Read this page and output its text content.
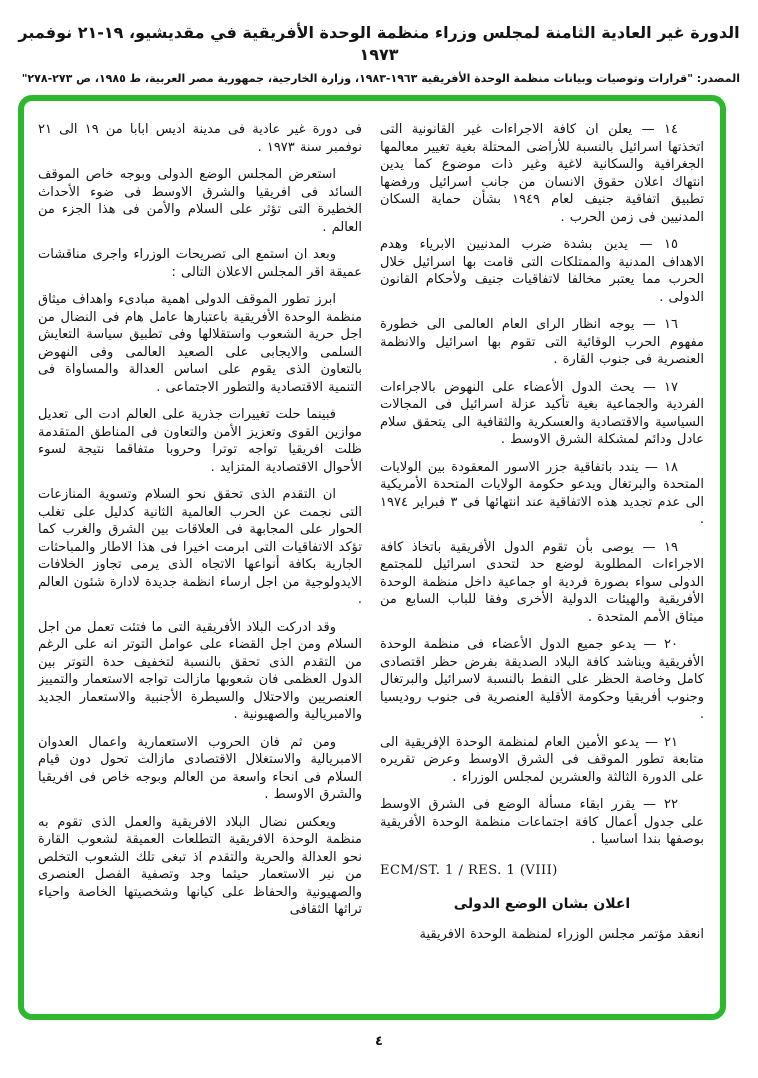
الدورة غير العادية الثامنة لمجلس وزراء منظمة الوحدة الأفريقية في مقديشيو، ١٩-٢١ نوفمبر ١٩٧٣

المصدر: "قرارات وتوصيات وبيانات منظمة الوحدة الأفريقية ١٩٦٣-١٩٨٣، وزارة الخارجية، جمهورية مصر العربية، ط ١٩٨٥، ص ٢٧٣-٢٧٨"

١٤ — يعلن ان كافة الاجراءات غير القانونية التى اتخذتها اسرائيل بالنسبة للأراضى المحتلة بغية تغيير معالمها الجغرافية والسكانية لاغية وغير ذات موضوع كما يدين انتهاك اعلان حقوق الانسان من جانب اسرائيل ورفضها تطبيق اتفاقية جنيف لعام ١٩٤٩ بشأن حماية السكان المدنيين فى زمن الحرب .

١٥ — يدين بشدة ضرب المدنيين الابرياء وهدم الاهداف المدنية والممتلكات التى قامت بها اسرائيل خلال الحرب مما يعتبر مخالفا لاتفاقيات جنيف ولأحكام القانون الدولى .

١٦ — يوجه انظار الراى العام العالمى الى خطورة مفهوم الحرب الوقائية التى تقوم بها اسرائيل والانظمة العنصرية فى جنوب القارة .

١٧ — يحث الدول الأعضاء على النهوض بالاجراءات الفردية والجماعية بغية تأكيد عزلة اسرائيل فى المجالات السياسية والاقتصادية والعسكرية والثقافية الى يتحقق سلام عادل ودائم لمشكلة الشرق الاوسط .

١٨ — يندد باتفاقية جزر الاسور المعقودة بين الولايات المتحدة والبرتغال ويدعو حكومة الولايات المتحدة الأمريكية الى عدم تجديد هذه الاتفاقية عند انتهائها فى ٣ فبراير ١٩٧٤ .

١٩ — يوصى بأن تقوم الدول الأفريقية باتخاذ كافة الاجراءات المطلوبة لوضع حد لتحدى اسرائيل للمجتمع الدولى سواء بصورة فردية او جماعية داخل منظمة الوحدة الأفريقية والهيئات الدولية الأخرى وفقا للباب السابع من ميثاق الأمم المتحدة .

٢٠ — يدعو جميع الدول الأعضاء فى منظمة الوحدة الأفريقية ويناشد كافة البلاد الصديقة بفرض حظر اقتصادى كامل وخاصة الحظر على النفط بالنسبة لاسرائيل والبرتغال وجنوب أفريقيا وحكومة الأقلية العنصرية فى جنوب روديسيا .

٢١ — يدعو الأمين العام لمنظمة الوحدة الإفريقية الى متابعة تطور الموقف فى الشرق الاوسط وعرض تقريره على الدورة الثالثة والعشرين لمجلس الوزراء .

٢٢ — يقرر ابقاء مسألة الوضع فى الشرق الاوسط على جدول أعمال كافة اجتماعات منظمة الوحدة الأفريقية بوصفها بندا اساسيا .

ECM/ST. 1 / RES. 1 (VIII)

اعلان بشان الوضع الدولى

انعقد مؤتمر مجلس الوزراء لمنظمة الوحدة الافريقية

فى دورة غير عادية فى مدينة اديس ابابا من ١٩ الى ٢١ نوفمبر سنة ١٩٧٣ .

استعرض المجلس الوضع الدولى وبوجه خاص الموقف السائد فى افريقيا والشرق الاوسط فى ضوء الأحداث الخطيرة التى تؤثر على السلام والأمن فى هذا الجزء من العالم .

وبعد ان استمع الى تصريحات الوزراء واجرى مناقشات عميقة اقر المجلس الاعلان التالى :

ابرز تطور الموقف الدولى اهمية مبادىء واهداف ميثاق منظمة الوحدة الأفريقية باعتبارها عامل هام فى النضال من اجل حرية الشعوب واستقلالها وفى تطبيق سياسة التعايش السلمى والايجابى على الصعيد العالمى وفى النهوض بالتعاون الذى يقوم على اساس العدالة والمساواة فى التنمية الاقتصادية والتطور الاجتماعى .

فبينما حلت تغييرات جذرية على العالم ادت الى تعديل موازين القوى وتعزيز الأمن والتعاون فى المناطق المتقدمة ظلت افريقيا تواجه توترا وحروبا متفاقما نتيجة لسوء الأحوال الاقتصادية المتزايد .

ان التقدم الذى تحقق نحو السلام وتسوية المنازعات التى نجمت عن الحرب العالمية الثانية كدليل على تغلب الحوار على المجابهة فى العلاقات بين الشرق والغرب كما تؤكد الاتفاقيات التى ابرمت اخيرا فى هذا الاطار والمباحثات الجارية بكافة أنواعها الاتجاه الذى يرمى تجاوز الخلافات الايدولوجية من اجل ارساء انظمة جديدة لادارة شئون العالم .

وقد ادركت البلاد الأفريقية التى ما فتئت تعمل من اجل السلام ومن اجل القضاء على عوامل التوتر انه على الرغم من التقدم الذى تحقق بالنسبة لتخفيف حدة التوتر بين الدول العظمى فان شعوبها مازالت تواجه الاستعمار والتمييز العنصريين والاحتلال والسيطرة الأجنبية والاستعمار الجديد والامبريالية والصهيونية .

ومن ثم فان الحروب الاستعمارية واعمال العدوان الامبريالية والاستغلال الاقتصادى مازالت تحول دون قيام السلام فى انحاء واسعة من العالم وبوجه خاص فى افريقيا والشرق الاوسط .

ويعكس نضال البلاد الافريقية والعمل الذى تقوم به منظمة الوحدة الافريقية التطلعات العميقة لشعوب القارة نحو العدالة والحرية والتقدم اذ تبغى تلك الشعوب التخلص من نير الاستعمار حيثما وجد وتصفية الفصل العنصرى والصهيونية والحفاظ على كيانها وشخصيتها الخاصة واحياء تراثها الثقافى

٤
